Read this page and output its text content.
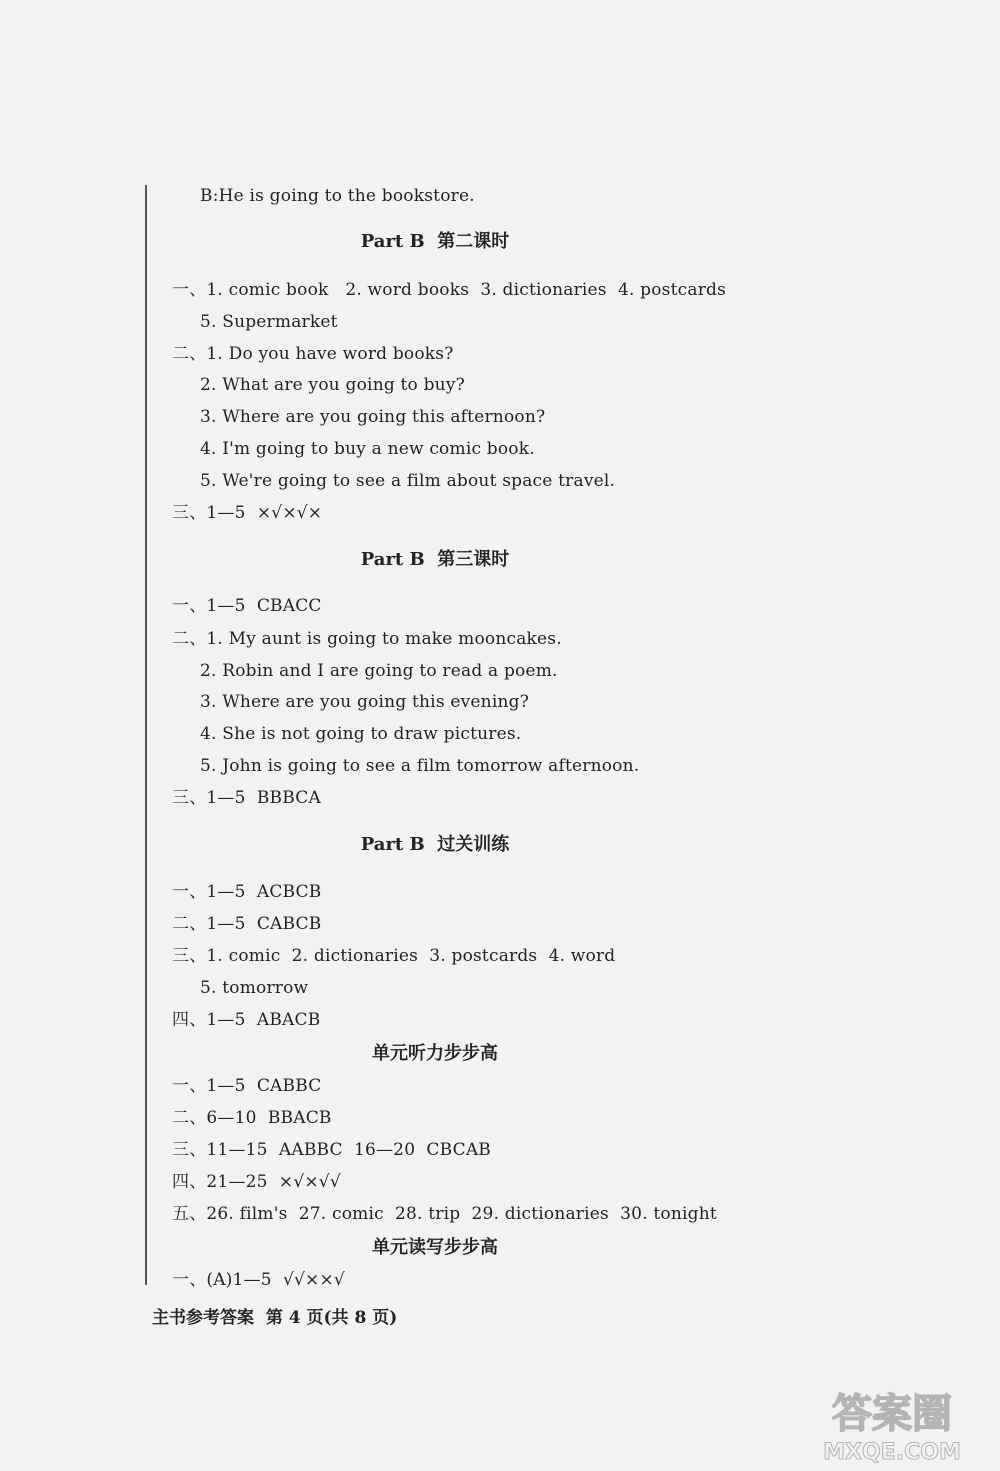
B:He is going to the bookstore.
Part B  第二课时
一、1. comic book   2. word books  3. dictionaries  4. postcards
5. Supermarket
二、1. Do you have word books?
2. What are you going to buy?
3. Where are you going this afternoon?
4. I'm going to buy a new comic book.
5. We're going to see a film about space travel.
三、1—5  ×√×√×
Part B  第三课时
一、1—5  CBACC
二、1. My aunt is going to make mooncakes.
2. Robin and I are going to read a poem.
3. Where are you going this evening?
4. She is not going to draw pictures.
5. John is going to see a film tomorrow afternoon.
三、1—5  BBBCA
Part B  过关训练
一、1—5  ACBCB
二、1—5  CABCB
三、1. comic  2. dictionaries  3. postcards  4. word
5. tomorrow
四、1—5  ABACB
单元听力步步高
一、1—5  CABBC
二、6—10  BBACB
三、11—15  AABBC  16—20  CBCAB
四、21—25  ×√×√√
五、26. film's  27. comic  28. trip  29. dictionaries  30. tonight
单元读写步步高
一、(A)1—5  √√××√
主书参考答案  第 4 页(共 8 页)
答案圈
MXQE.COM
